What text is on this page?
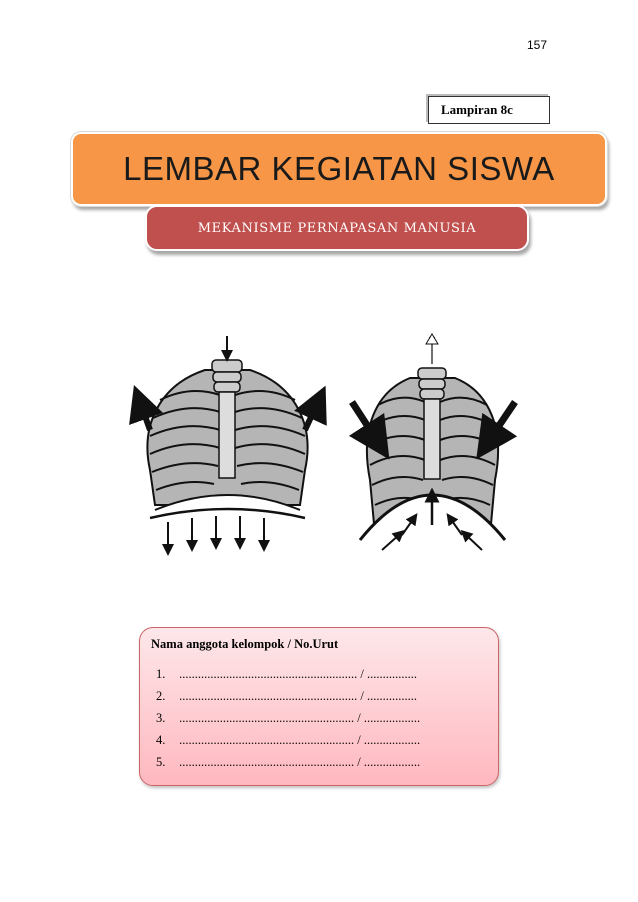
157
Lampiran 8c
LEMBAR KEGIATAN SISWA
MEKANISME PERNAPASAN MANUSIA
Nama anggota kelompok / No.Urut
1. ......................................................... / ................
2. ......................................................... / ................
3. ........................................................ / ..................
4. ........................................................ / ..................
5. ........................................................ / ..................
